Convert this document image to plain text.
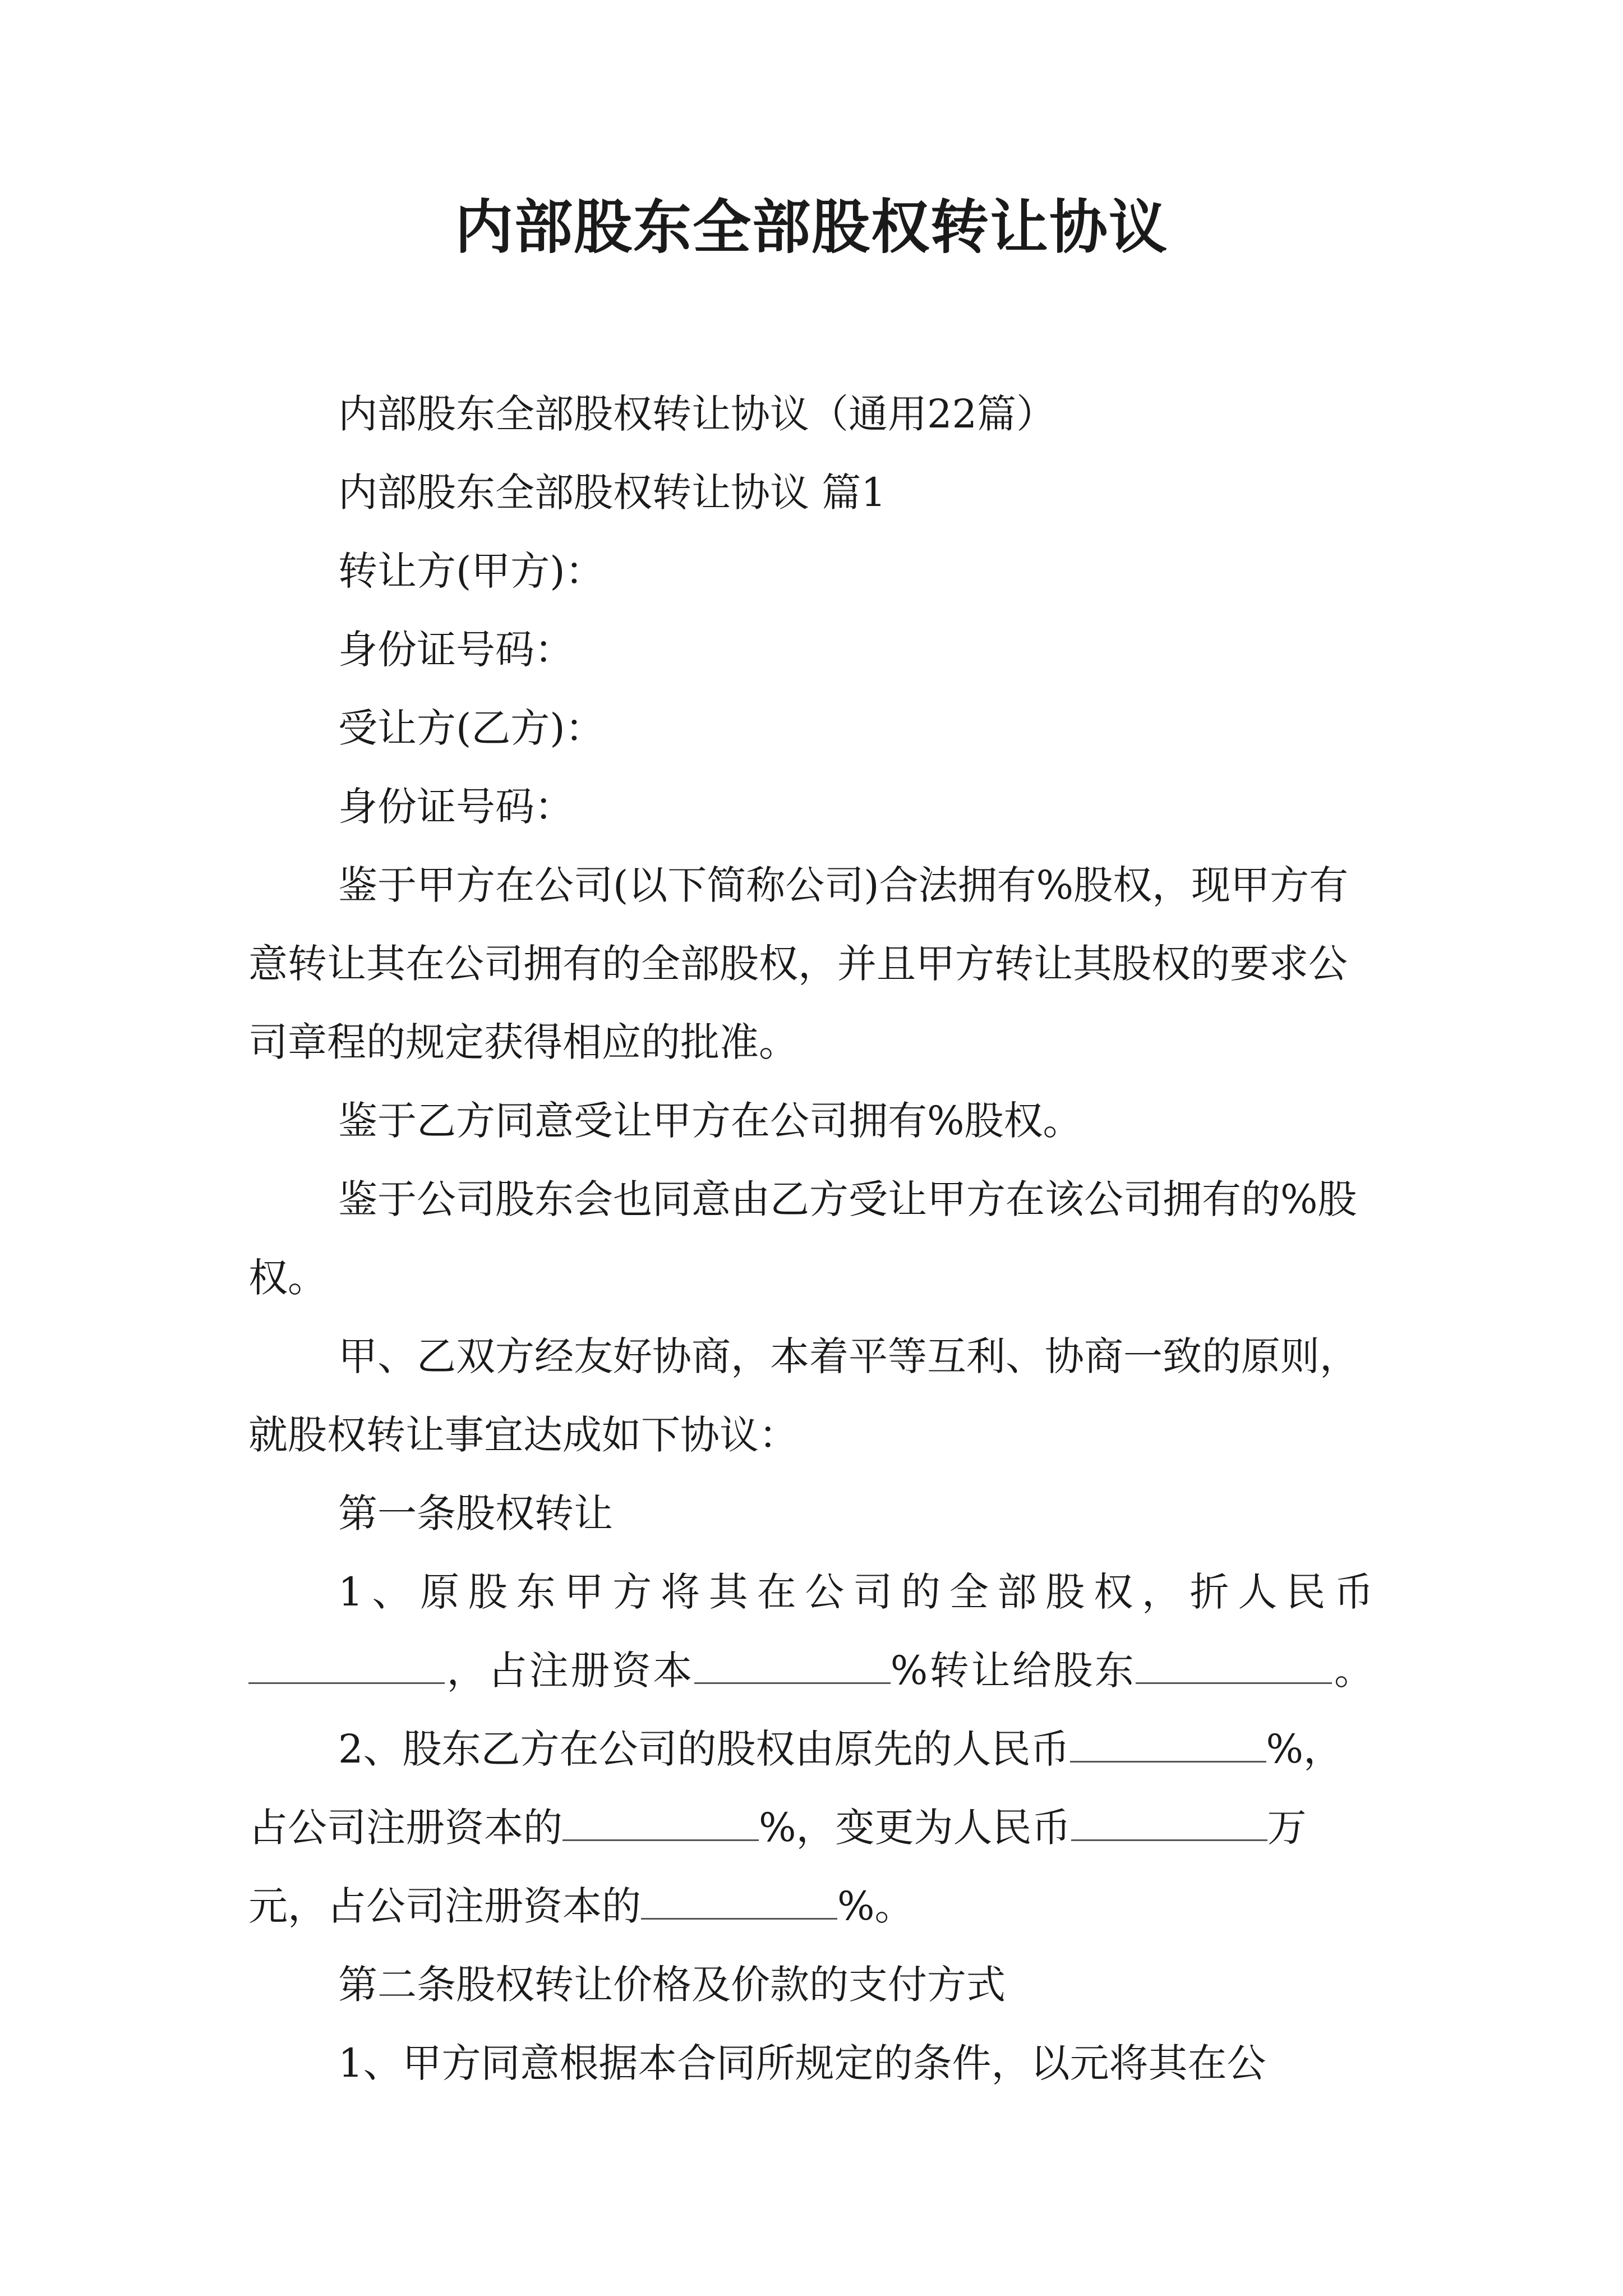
内部股东全部股权转让协议

内部股东全部股权转让协议（通用22篇）

内部股东全部股权转让协议 篇1

转让方(甲方)：

身份证号码：

受让方(乙方)：

身份证号码：

鉴于甲方在公司(以下简称公司)合法拥有%股权，现甲方有意转让其在公司拥有的全部股权，并且甲方转让其股权的要求公司章程的规定获得相应的批准。

鉴于乙方同意受让甲方在公司拥有%股权。

鉴于公司股东会也同意由乙方受让甲方在该公司拥有的%股权。

甲、乙双方经友好协商，本着平等互利、协商一致的原则，就股权转让事宜达成如下协议：

第一条股权转让

1、原股东甲方将其在公司的全部股权，折人民币，占注册资本	%转让给股东	。

2、股东乙方在公司的股权由原先的人民币	%，占公司注册资本的	%，变更为人民币	万元，占公司注册资本的	%。

第二条股权转让价格及价款的支付方式

1、甲方同意根据本合同所规定的条件，以元将其在公
